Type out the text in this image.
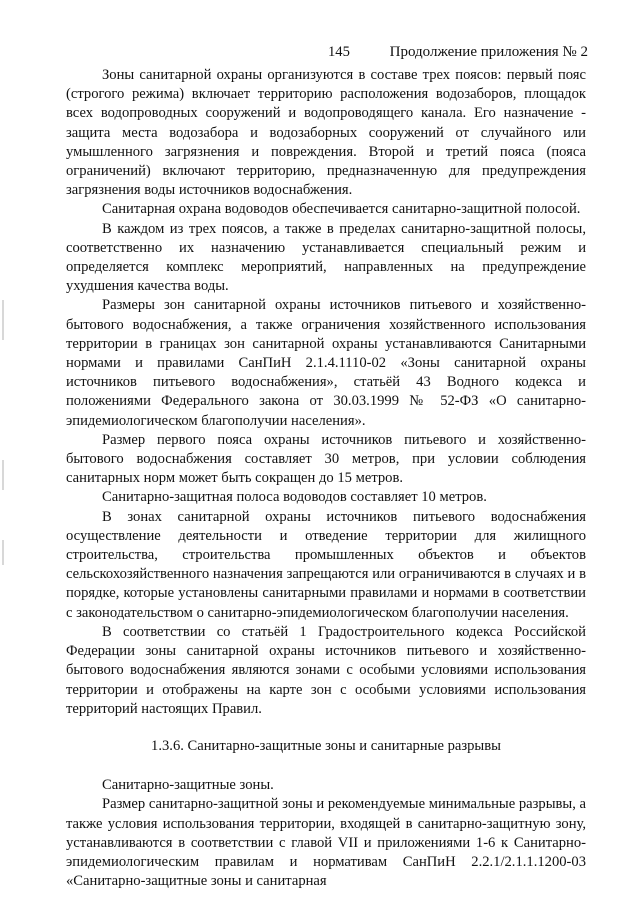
145	Продолжение приложения № 2

Зоны санитарной охраны организуются в составе трех поясов: первый пояс (строгого режима) включает территорию расположения водозаборов, площадок всех водопроводных сооружений и водопроводящего канала. Его назначение - защита места водозабора и водозаборных сооружений от случайного или умышленного загрязнения и повреждения. Второй и третий пояса (пояса ограничений) включают территорию, предназначенную для предупреждения загрязнения воды источников водоснабжения.

Санитарная охрана водоводов обеспечивается санитарно-защитной полосой.

В каждом из трех поясов, а также в пределах санитарно-защитной полосы, соответственно их назначению устанавливается специальный режим и определяется комплекс мероприятий, направленных на предупреждение ухудшения качества воды.

Размеры зон санитарной охраны источников питьевого и хозяйственно-бытового водоснабжения, а также ограничения хозяйственного использования территории в границах зон санитарной охраны устанавливаются Санитарными нормами и правилами СанПиН 2.1.4.1110-02 «Зоны санитарной охраны источников питьевого водоснабжения», статьёй 43 Водного кодекса и положениями Федерального закона от 30.03.1999 № 52-ФЗ «О санитарно-эпидемиологическом благополучии населения».

Размер первого пояса охраны источников питьевого и хозяйственно-бытового водоснабжения составляет 30 метров, при условии соблюдения санитарных норм может быть сокращен до 15 метров.

Санитарно-защитная полоса водоводов составляет 10 метров.

В зонах санитарной охраны источников питьевого водоснабжения осуществление деятельности и отведение территории для жилищного строительства, строительства промышленных объектов и объектов сельскохозяйственного назначения запрещаются или ограничиваются в случаях и в порядке, которые установлены санитарными правилами и нормами в соответствии с законодательством о санитарно-эпидемиологическом благополучии населения.

В соответствии со статьёй 1 Градостроительного кодекса Российской Федерации зоны санитарной охраны источников питьевого и хозяйственно-бытового водоснабжения являются зонами с особыми условиями использования территории и отображены на карте зон с особыми условиями использования территорий настоящих Правил.

1.3.6. Санитарно-защитные зоны и санитарные разрывы

Санитарно-защитные зоны.

Размер санитарно-защитной зоны и рекомендуемые минимальные разрывы, а также условия использования территории, входящей в санитарно-защитную зону, устанавливаются в соответствии с главой VII и приложениями 1-6 к Санитарно-эпидемиологическим правилам и нормативам СанПиН 2.2.1/2.1.1.1200-03 «Санитарно-защитные зоны и санитарная
